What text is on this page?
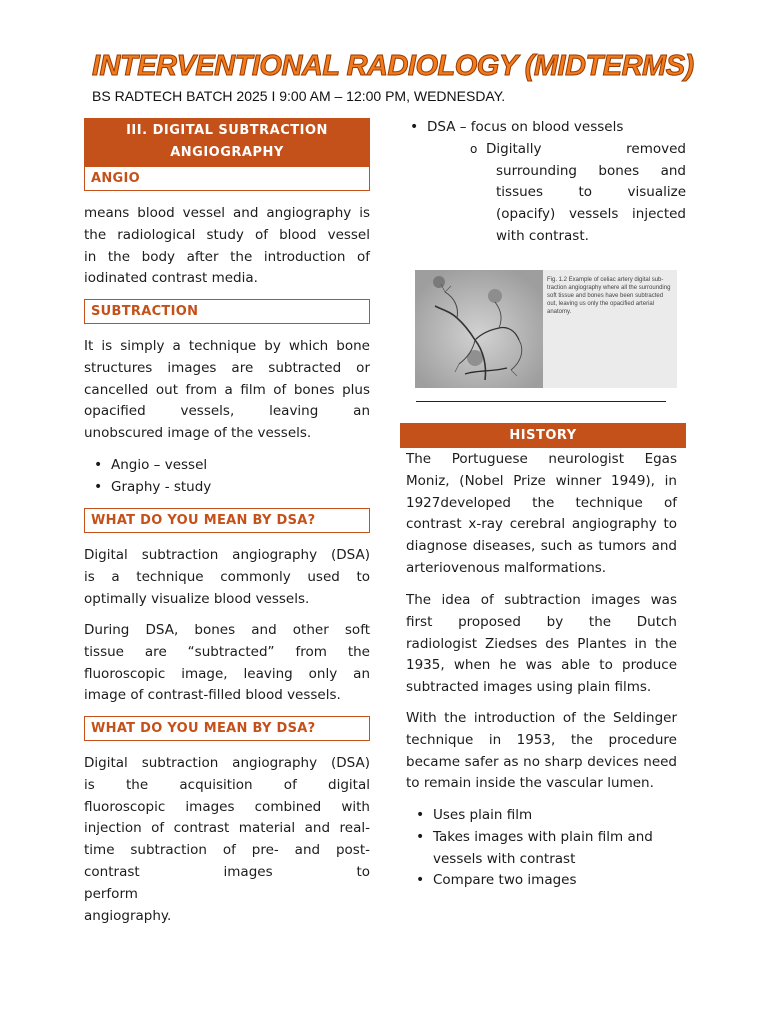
INTERVENTIONAL RADIOLOGY (MIDTERMS)
BS RADTECH BATCH 2025 I 9:00 AM – 12:00 PM, WEDNESDAY.
III. DIGITAL SUBTRACTION
ANGIOGRAPHY
ANGIO

means blood vessel and angiography is

the radiological study of blood vessel

in the body after the introduction of

iodinated contrast media.

SUBTRACTION

It is simply a technique by which bone

structures images are subtracted or

cancelled out from a film of bones plus

opacified vessels, leaving an

unobscured image of the vessels.

• Angio – vessel
• Graphy - study
WHAT DO YOU MEAN BY DSA?

Digital subtraction angiography (DSA)

is a technique commonly used to

optimally visualize blood vessels.

During DSA, bones and other soft

tissue are “subtracted” from the

fluoroscopic image, leaving only an

image of contrast-filled blood vessels.

WHAT DO YOU MEAN BY DSA?

Digital subtraction angiography (DSA)

is the acquisition of digital

fluoroscopic images combined with

injection of contrast material and real-

time subtraction of pre- and post-

contrast images to perform

angiography.

• DSA – focus on blood vessels
o Digitally removed
surrounding bones and
tissues to visualize
(opacify) vessels injected
with contrast.
Fig. 1.2 Example of celiac artery digital sub-
traction angiography where all the surrounding
soft tissue and bones have been subtracted
out, leaving us only the opacified arterial
anatomy.
HISTORY

The Portuguese neurologist Egas

Moniz, (Nobel Prize winner 1949), in

1927developed the technique of

contrast x-ray cerebral angiography to

diagnose diseases, such as tumors and

arteriovenous malformations.

The idea of subtraction images was

first proposed by the Dutch

radiologist Ziedses des Plantes in the

1935, when he was able to produce

subtracted images using plain films.

With the introduction of the Seldinger

technique in 1953, the procedure

became safer as no sharp devices need

to remain inside the vascular lumen.

• Uses plain film
• Takes images with plain film and
vessels with contrast
• Compare two images
